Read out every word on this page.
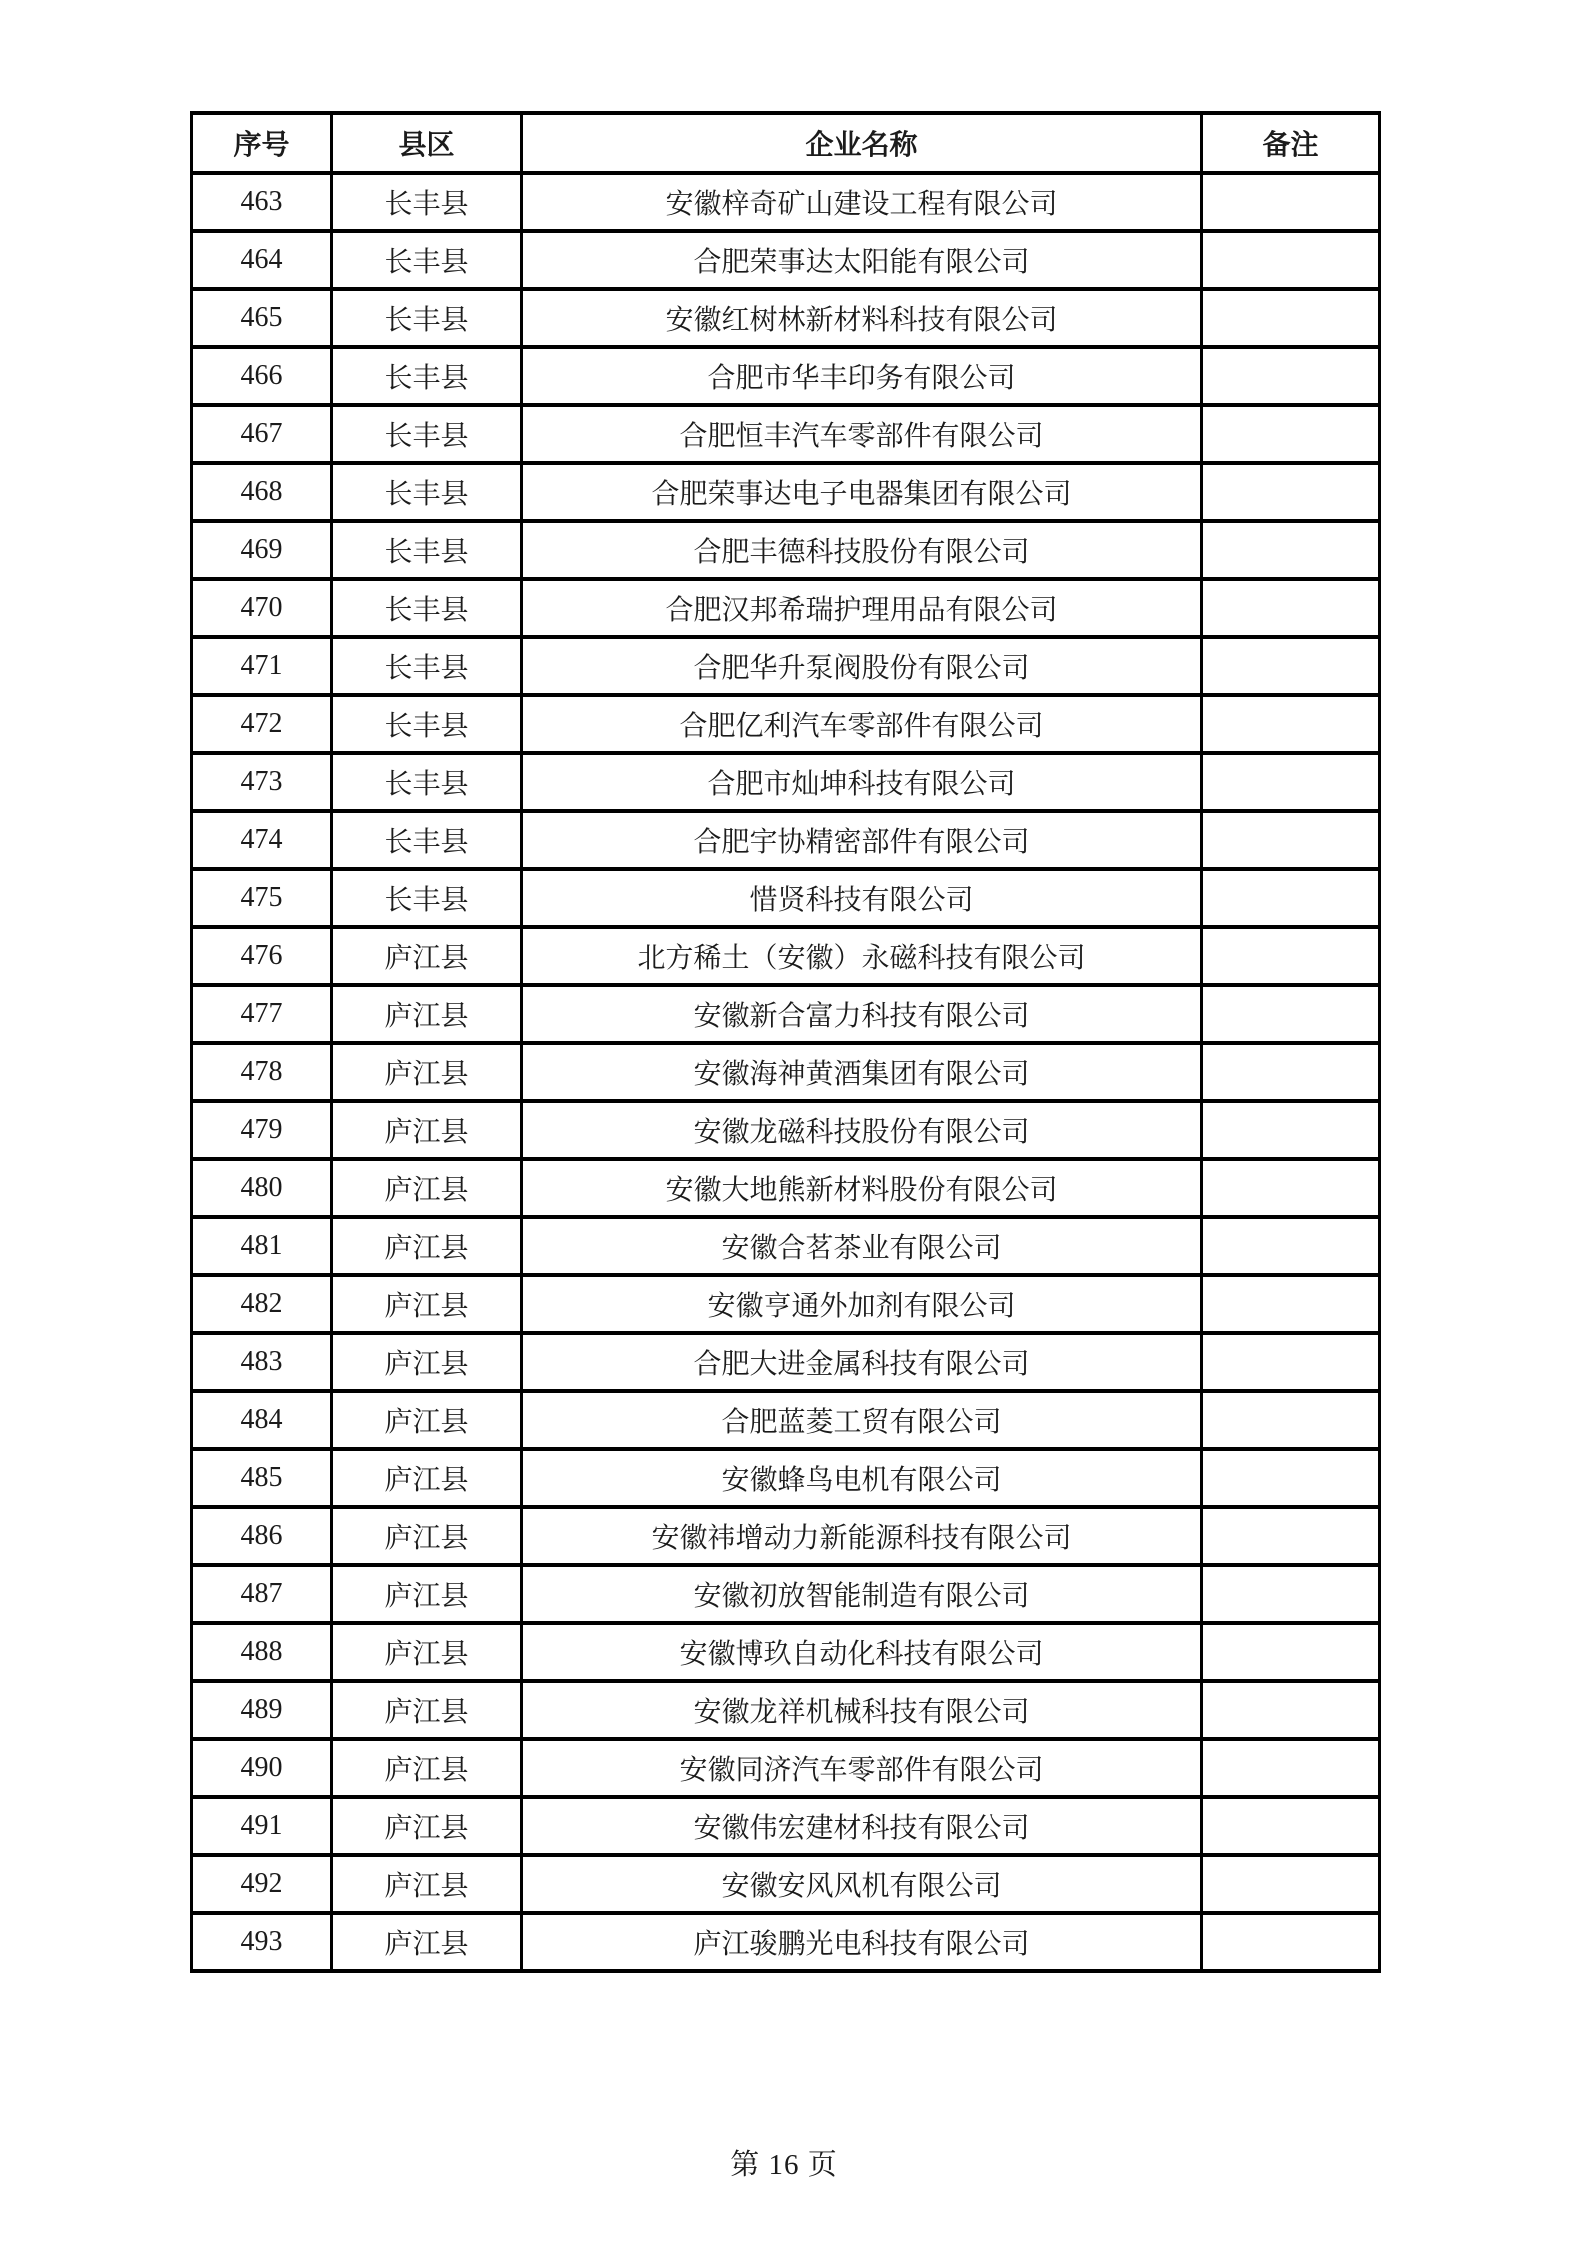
序号	县区	企业名称	备注
463	长丰县	安徽梓奇矿山建设工程有限公司	
464	长丰县	合肥荣事达太阳能有限公司	
465	长丰县	安徽红树林新材料科技有限公司	
466	长丰县	合肥市华丰印务有限公司	
467	长丰县	合肥恒丰汽车零部件有限公司	
468	长丰县	合肥荣事达电子电器集团有限公司	
469	长丰县	合肥丰德科技股份有限公司	
470	长丰县	合肥汉邦希瑞护理用品有限公司	
471	长丰县	合肥华升泵阀股份有限公司	
472	长丰县	合肥亿利汽车零部件有限公司	
473	长丰县	合肥市灿坤科技有限公司	
474	长丰县	合肥宇协精密部件有限公司	
475	长丰县	惜贤科技有限公司	
476	庐江县	北方稀土（安徽）永磁科技有限公司	
477	庐江县	安徽新合富力科技有限公司	
478	庐江县	安徽海神黄酒集团有限公司	
479	庐江县	安徽龙磁科技股份有限公司	
480	庐江县	安徽大地熊新材料股份有限公司	
481	庐江县	安徽合茗茶业有限公司	
482	庐江县	安徽亨通外加剂有限公司	
483	庐江县	合肥大进金属科技有限公司	
484	庐江县	合肥蓝菱工贸有限公司	
485	庐江县	安徽蜂鸟电机有限公司	
486	庐江县	安徽祎增动力新能源科技有限公司	
487	庐江县	安徽初放智能制造有限公司	
488	庐江县	安徽博玖自动化科技有限公司	
489	庐江县	安徽龙祥机械科技有限公司	
490	庐江县	安徽同济汽车零部件有限公司	
491	庐江县	安徽伟宏建材科技有限公司	
492	庐江县	安徽安风风机有限公司	
493	庐江县	庐江骏鹏光电科技有限公司	
第 16 页
